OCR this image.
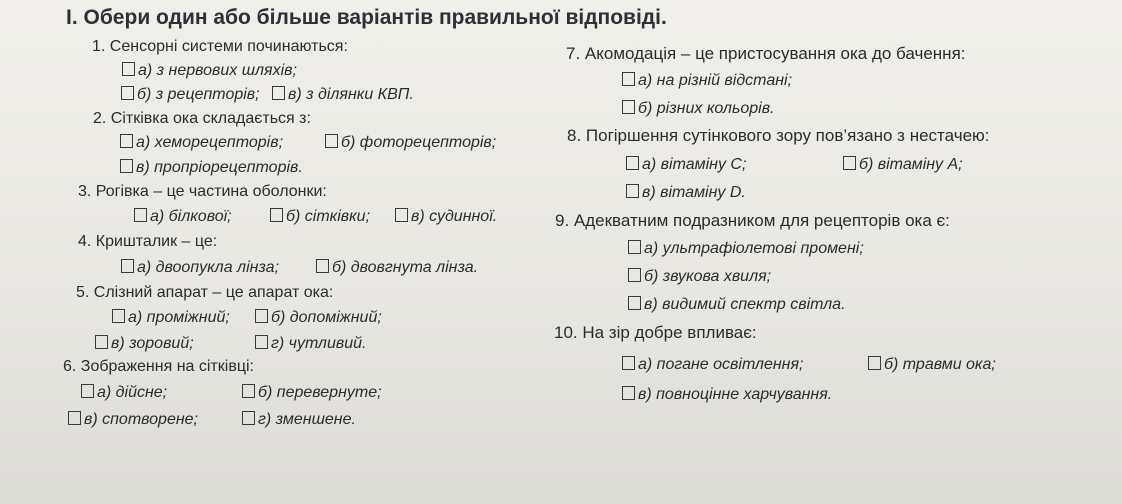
І. Обери один або більше варіантів правильної відповіді.
1. Сенсорні системи починаються:
а) з нервових шляхів;
б) з рецепторів;	в) з ділянки КВП.
2. Сітківка ока складається з:
а) хеморецепторів;	б) фоторецепторів;
в) пропріорецепторів.
3. Рогівка – це частина оболонки:
а) білкової;	б) сітківки;	в) судинної.
4. Кришталик – це:
а) двоопукла лінза;	б) двовгнута лінза.
5. Слізний апарат – це апарат ока:
а) проміжний;	б) допоміжний;
в) зоровий;	г) чутливий.
6. Зображення на сітківці:
а) дійсне;	б) перевернуте;
в) спотворене;	г) зменшене.
7. Акомодація – це пристосування ока до бачення:
а) на різній відстані;
б) різних кольорів.
8. Погіршення сутінкового зору пов’язано з нестачею:
а) вітаміну С;	б) вітаміну А;
в) вітаміну D.
9. Адекватним подразником для рецепторів ока є:
а) ультрафіолетові промені;
б) звукова хвиля;
в) видимий спектр світла.
10. На зір добре впливає:
а) погане освітлення;	б) травми ока;
в) повноцінне харчування.
